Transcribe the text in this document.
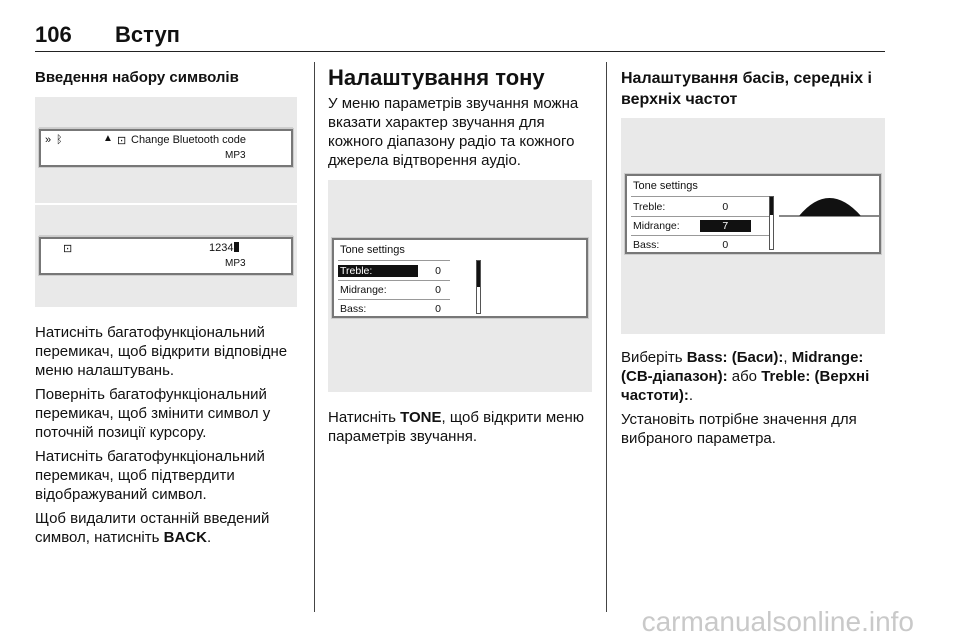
106	Вступ
Введення набору символів
» ᛒ	▲ ⊡ Change Bluetooth code
MP3
⊡	1234
MP3

Натисніть багатофункціональний перемикач, щоб відкрити відповідне меню налаштувань.

Поверніть багатофункціональний перемикач, щоб змінити символ у поточній позиції курсору.

Натисніть багатофункціональний перемикач, щоб підтвердити відображуваний символ.

Щоб видалити останній введений символ, натисніть BACK.

Налаштування тону

У меню параметрів звучання можна вказати характер звучання для кожного діапазону радіо та кожного джерела відтворення аудіо.

Tone settings
Treble:	0
Midrange:	0
Bass:	0

Натисніть TONE, щоб відкрити меню параметрів звучання.

Налаштування басів, середніх і верхніх частот
Tone settings
Treble:	0
Midrange:	7
Bass:	0

Виберіть Bass: (Баси):, Midrange: (СВ-діапазон): або Treble: (Верхні частоти):.

Установіть потрібне значення для вибраного параметра.

carmanualsonline.info
